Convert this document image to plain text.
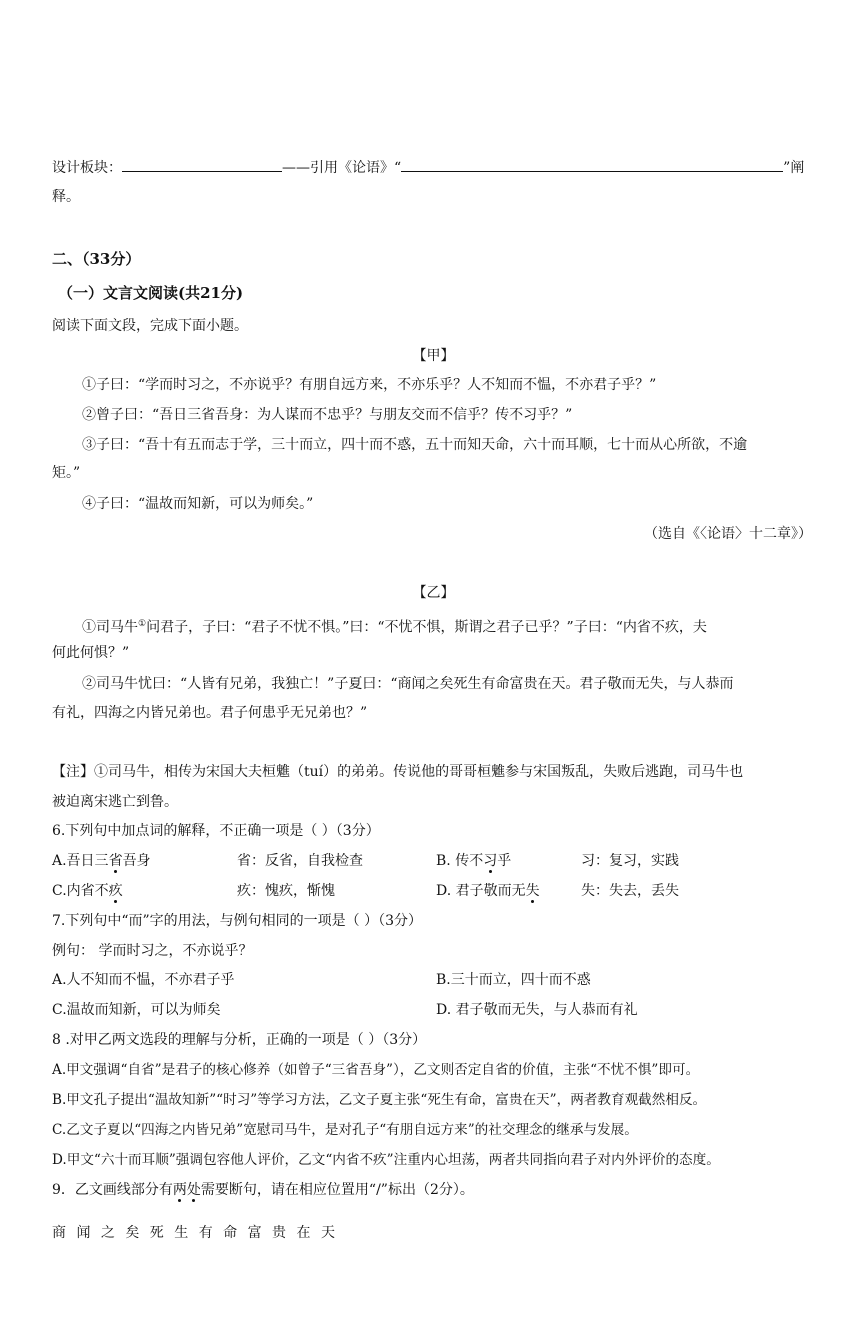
设计板块：	——引用《论语》“	”阐
释。
二、（33分）
（一）文言文阅读(共21分)
阅读下面文段，完成下面小题。
【甲】
①子曰：“学而时习之，不亦说乎？有朋自远方来，不亦乐乎？人不知而不愠，不亦君子乎？”
②曾子曰：“吾日三省吾身：为人谋而不忠乎？与朋友交而不信乎？传不习乎？”
③子曰：“吾十有五而志于学，三十而立，四十而不惑，五十而知天命，六十而耳顺，七十而从心所欲，不逾
矩。”
④子曰：“温故而知新，可以为师矣。”
（选自《〈论语〉十二章》）
【乙】
①司马牛①问君子，子曰：“君子不忧不惧。”曰：“不忧不惧，斯谓之君子已乎？”子曰：“内省不疚，夫
何此何惧？”
②司马牛忧曰：“人皆有兄弟，我独亡！”子夏曰：“商闻之矣死生有命富贵在天。君子敬而无失，与人恭而
有礼，四海之内皆兄弟也。君子何患乎无兄弟也？”
【注】①司马牛，相传为宋国大夫桓魋（tuí）的弟弟。传说他的哥哥桓魋参与宋国叛乱，失败后逃跑，司马牛也
被迫离宋逃亡到鲁。
6.下列句中加点词的解释，不正确一项是（ ）（3分）
A.吾日三省吾身	省：反省，自我检查	B. 传不习乎	习：复习，实践
C.内省不疚	疚：愧疚，惭愧	D. 君子敬而无失	失：失去，丢失
7.下列句中“而”字的用法，与例句相同的一项是（ ）（3分）
例句： 学而时习之，不亦说乎？
A.人不知而不愠，不亦君子乎	B.三十而立，四十而不惑
C.温故而知新，可以为师矣	D. 君子敬而无失，与人恭而有礼
8 .对甲乙两文选段的理解与分析，正确的一项是（ ）（3分）
A.甲文强调“自省”是君子的核心修养（如曾子“三省吾身”），乙文则否定自省的价值，主张“不忧不惧”即可。
B.甲文孔子提出“温故知新”“时习”等学习方法，乙文子夏主张“死生有命，富贵在天”，两者教育观截然相反。
C.乙文子夏以“四海之内皆兄弟”宽慰司马牛，是对孔子“有朋自远方来”的社交理念的继承与发展。
D.甲文“六十而耳顺”强调包容他人评价，乙文“内省不疚”注重内心坦荡，两者共同指向君子对内外评价的态度。
9．乙文画线部分有两处需要断句，请在相应位置用“/”标出（2分）。
商 闻 之 矣 死 生 有 命 富 贵 在 天
